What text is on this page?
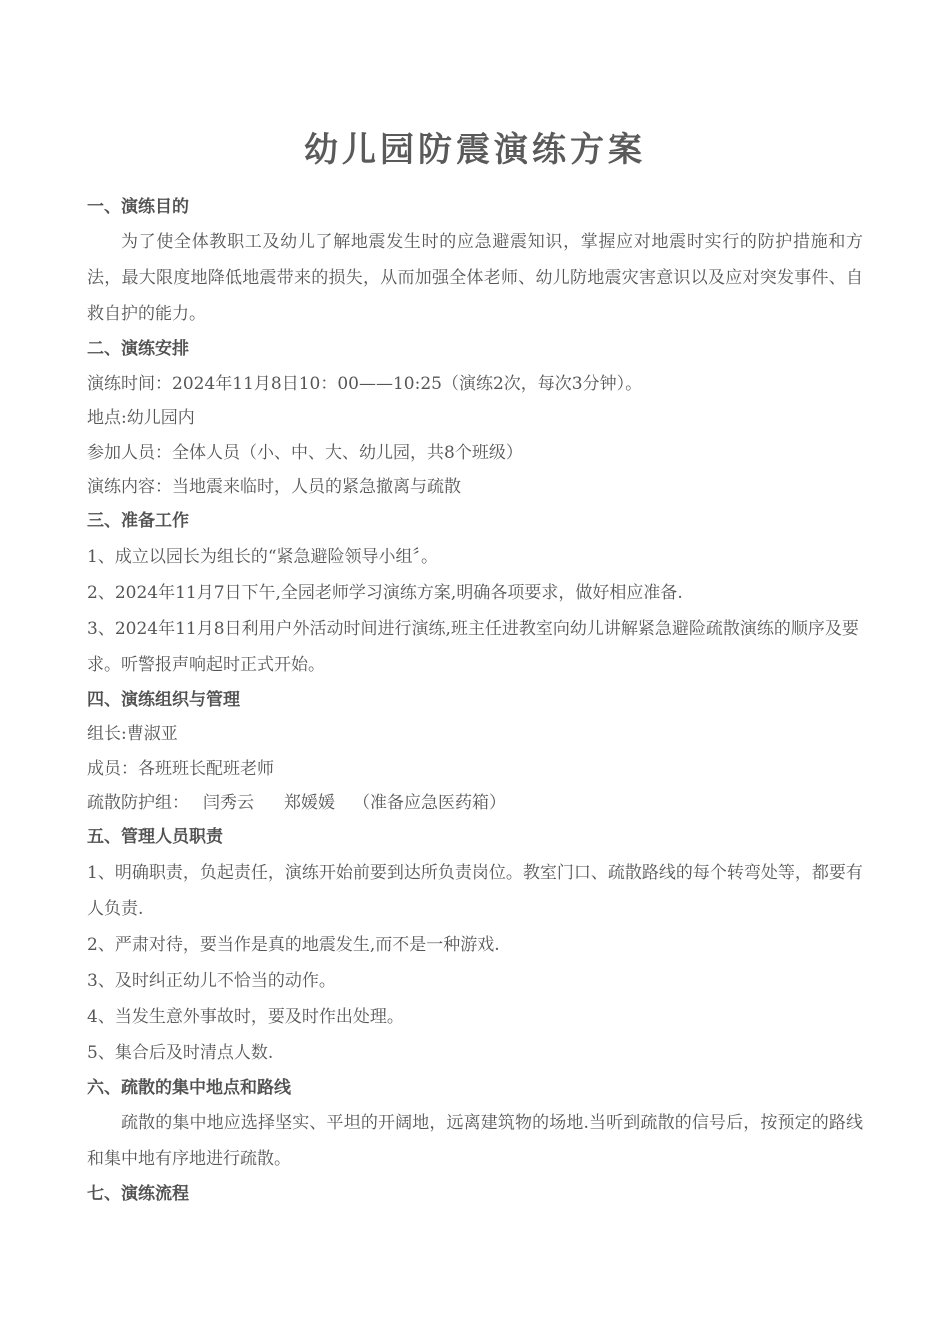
幼儿园防震演练方案
一、演练目的
为了使全体教职工及幼儿了解地震发生时的应急避震知识，掌握应对地震时实行的防护措施和方法，最大限度地降低地震带来的损失，从而加强全体老师、幼儿防地震灾害意识以及应对突发事件、自救自护的能力。
二、演练安排
演练时间：2024年11月8日10：00——10:25（演练2次，每次3分钟）。
地点:幼儿园内
参加人员：全体人员（小、中、大、幼儿园，共8个班级）
演练内容：当地震来临时，人员的紧急撤离与疏散
三、准备工作
1、成立以园长为组长的“紧急避险领导小组〞。
2、2024年11月7日下午,全园老师学习演练方案,明确各项要求，做好相应准备.
3、2024年11月8日利用户外活动时间进行演练,班主任进教室向幼儿讲解紧急避险疏散演练的顺序及要求。听警报声响起时正式开始。
四、演练组织与管理
组长:曹淑亚
成员：各班班长配班老师
疏散防护组： 闫秀云 郑媛媛 （准备应急医药箱）
五、管理人员职责
1、明确职责，负起责任，演练开始前要到达所负责岗位。教室门口、疏散路线的每个转弯处等，都要有人负责.
2、严肃对待，要当作是真的地震发生,而不是一种游戏.
3、及时纠正幼儿不恰当的动作。
4、当发生意外事故时，要及时作出处理。
5、集合后及时清点人数.
六、疏散的集中地点和路线
疏散的集中地应选择坚实、平坦的开阔地，远离建筑物的场地.当听到疏散的信号后，按预定的路线和集中地有序地进行疏散。
七、演练流程
